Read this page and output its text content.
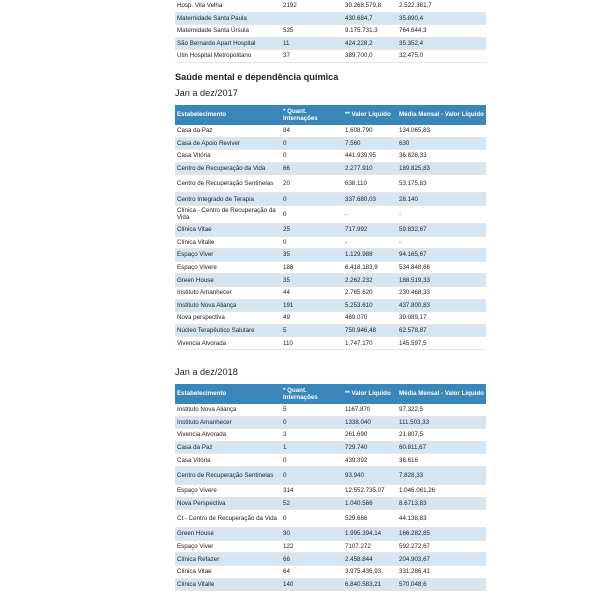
Hosp. Vila Velha	2192	30.268.579,8	2.522.381,7
Maternidade Santa Paula		430.684,7	35.890,4
Maternidade Santa Úrsula	535	9.175.731,3	764.644,3
São Bernardo Apart Hospital	11	424.228,2	35.352,4
Utin Hospital Metropolitano	37	389.700,0	32.475,0
Saúde mental e dependência química
Jan a dez/2017
Estabelecimento	* Quant. Internações	** Valor Líquido	Média Mensal - Valor Líquido
Casa da Paz	84	1.608.790	134.065,83
Casa de Apoio Reviver	0	7.560	630
Casa Vitória	0	441.939,95	36.828,33
Centro de Recuperação da Vida	66	2.277.910	189.825,83
Centro de Recuperação Sentinelas	20	638.110	53.175,83
Centro Integrado de Terapia	0	337.680,03	28.140
Clínica - Centro de Recuperação da Vida	0	-	-
Clínica Vitae	25	717.992	59.832,67
Clínica Vitalle	0	-	-
Espaço Viver	35	1.129.988	94.165,67
Espaço Vivere	188	6.418.183,9	534.848,66
Green House	35	2.262.232	188.519,33
Instituto Amanhecer	44	2.765.620	230.468,33
Instituto Nova Aliança	191	5.253.610	437.800,83
Nova perspectiva	49	469.070	39.089,17
Núcleo Terapêutico Salutare	5	750.946,48	62.578,87
Vivencia Alvorada	110	1.747.170	145.597,5
Jan a dez/2018
Estabelecimento	* Quant. Internações	** Valor Líquido	Média Mensal - Valor Líquido
Instituto Nova Aliança	5	1167.870	97.322,5
Instituto Amanhecer	0	1338.040	111.503,33
Vivencia Alvorada	3	261.690	21.807,5
Casa da Paz	1	729.740	60.811,67
Casa Vitória	0	439.392	36.616
Centro de Recuperação Sentinelas	0	93.940	7.828,33
Espaço Vivere	314	12.552.735,07	1.046.061,26
Nova Perspectiva	52	1.040.566	8.6713,83
Ct - Centro de Recuperação da Vida	0	529.666	44.138,83
Green House	30	1.995.394,14	166.282,85
Espaço Viver	122	7107.272	592.272,67
Clínica Refazer	66	2.458.844	204.903,67
Clínica Vitae	64	3.975.436,93	331.286,41
Clínica Vitalle	140	6.840.583,21	570.048,6
